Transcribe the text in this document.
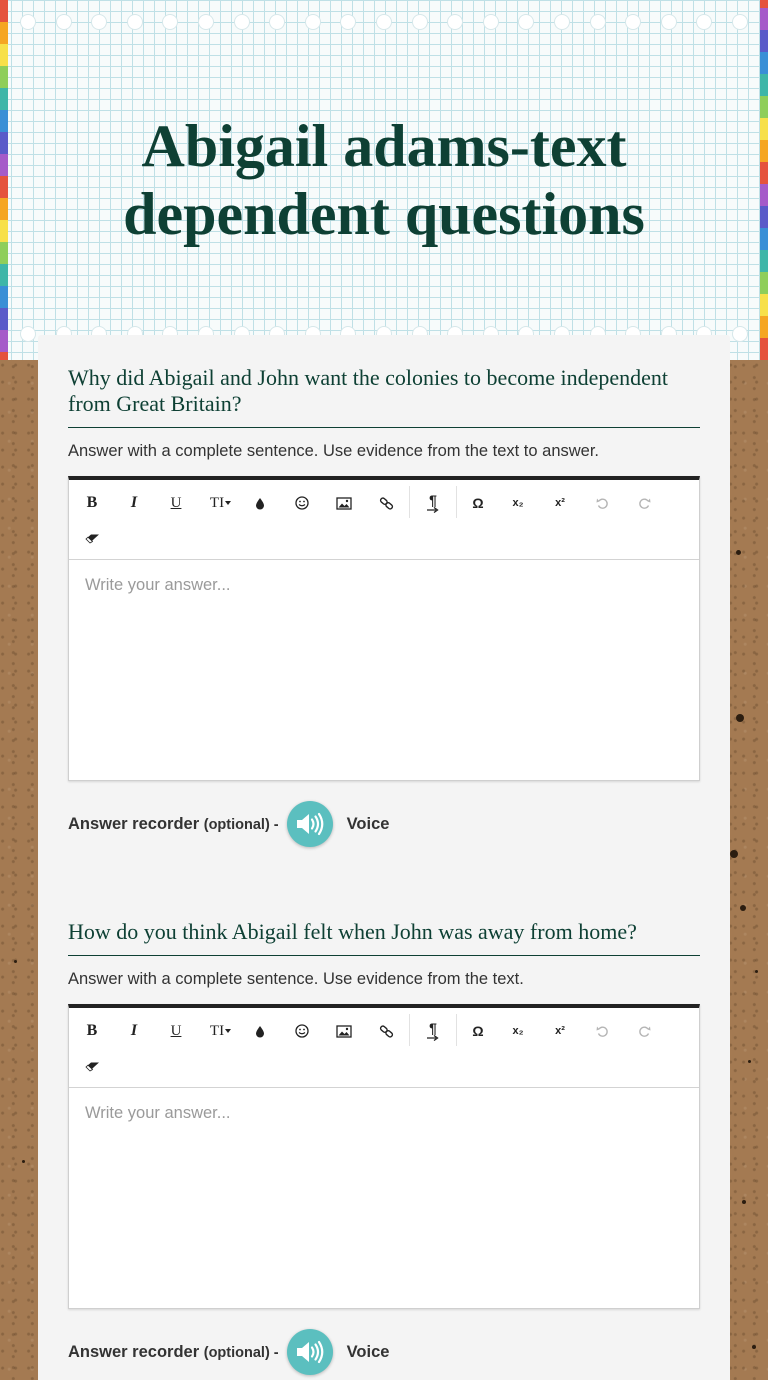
Abigail adams-text dependent questions
Why did Abigail and John want the colonies to become independent from Great Britain?
Answer with a complete sentence. Use evidence from the text to answer.
B	I	U	TI	¶	Ω	x₂	x²
Write your answer...
Answer recorder (optional) -	Voice
How do you think Abigail felt when John was away from home?
Answer with a complete sentence. Use evidence from the text.
B	I	U	TI	¶	Ω	x₂	x²
Write your answer...
Answer recorder (optional) -	Voice
